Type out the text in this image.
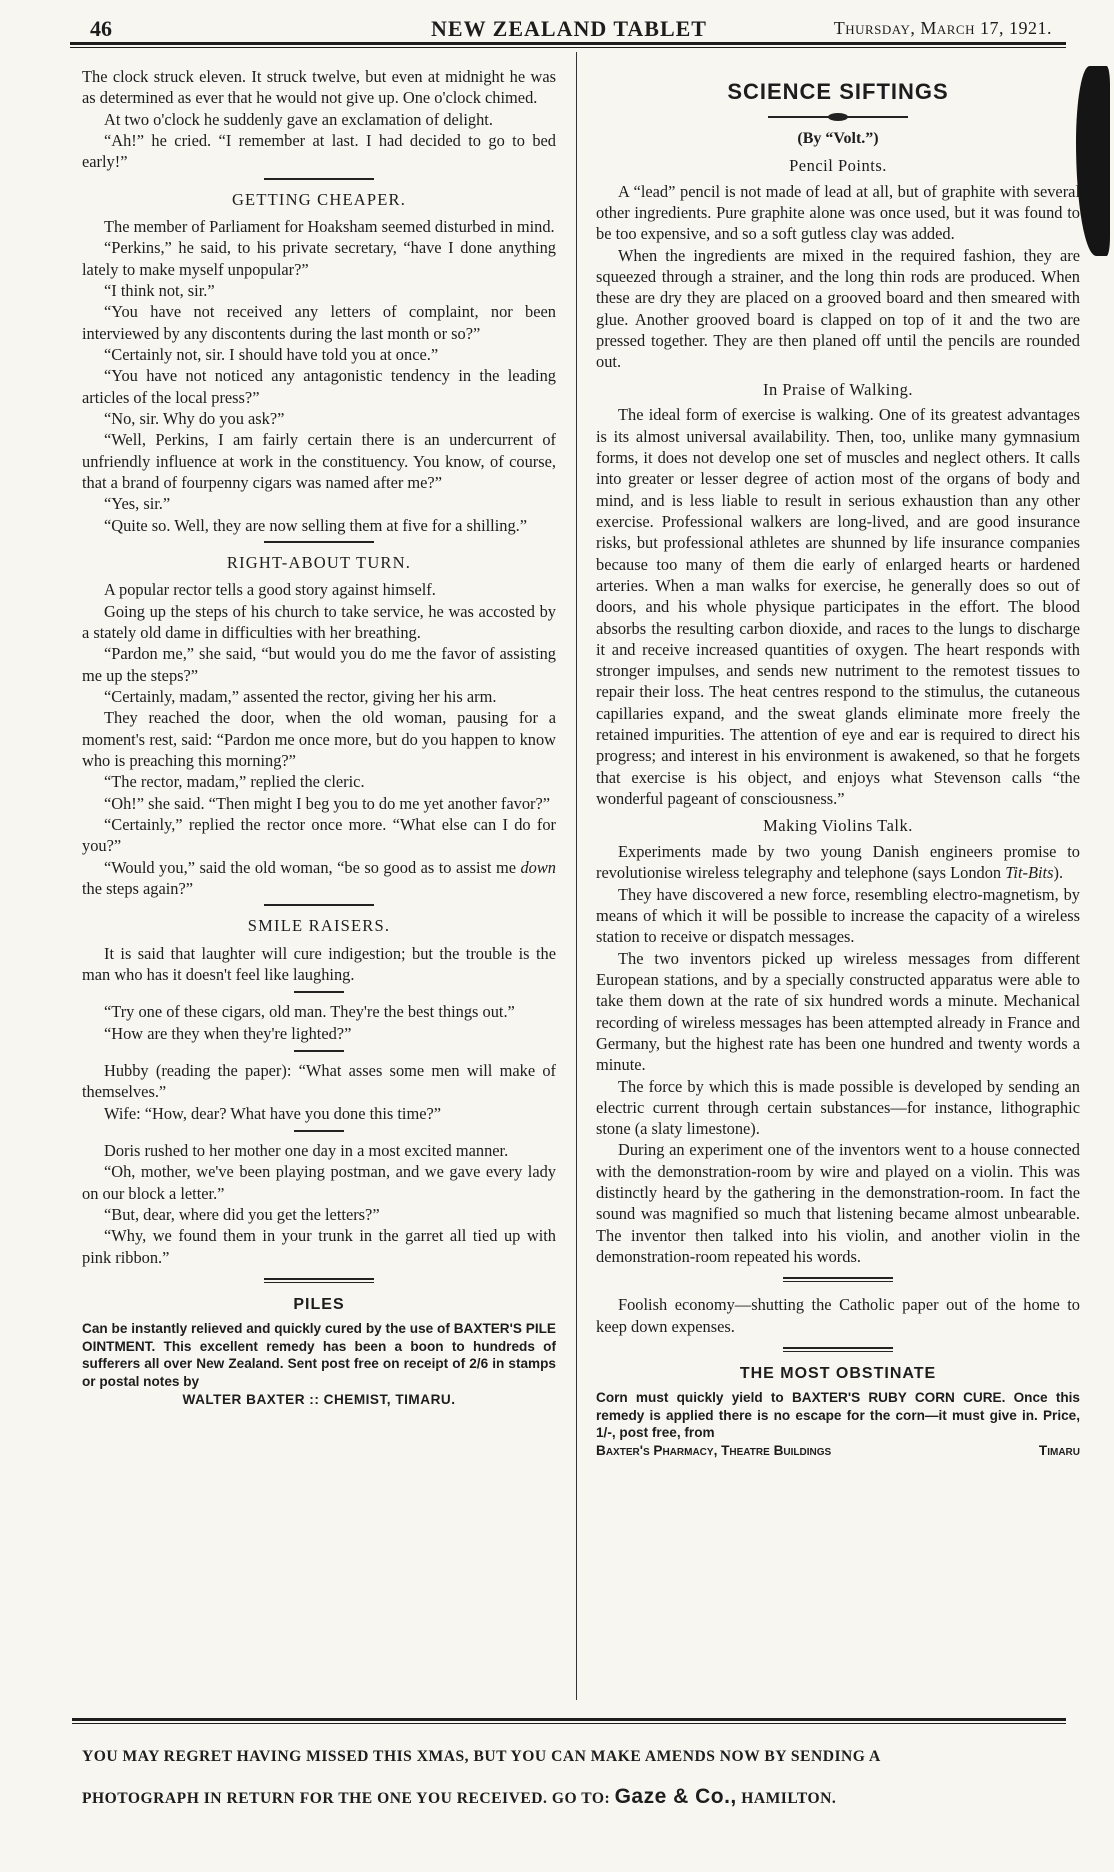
46	NEW ZEALAND TABLET	Thursday, March 17, 1921.

The clock struck eleven. It struck twelve, but even at midnight he was as determined as ever that he would not give up. One o'clock chimed.

At two o'clock he suddenly gave an exclamation of delight.

“Ah!” he cried. “I remember at last. I had decided to go to bed early!”

GETTING CHEAPER.

The member of Parliament for Hoaksham seemed disturbed in mind.

“Perkins,” he said, to his private secretary, “have I done anything lately to make myself unpopular?”

“I think not, sir.”

“You have not received any letters of complaint, nor been interviewed by any discontents during the last month or so?”

“Certainly not, sir. I should have told you at once.”

“You have not noticed any antagonistic tendency in the leading articles of the local press?”

“No, sir. Why do you ask?”

“Well, Perkins, I am fairly certain there is an undercurrent of unfriendly influence at work in the constituency. You know, of course, that a brand of fourpenny cigars was named after me?”

“Yes, sir.”

“Quite so. Well, they are now selling them at five for a shilling.”

RIGHT-ABOUT TURN.

A popular rector tells a good story against himself.

Going up the steps of his church to take service, he was accosted by a stately old dame in difficulties with her breathing.

“Pardon me,” she said, “but would you do me the favor of assisting me up the steps?”

“Certainly, madam,” assented the rector, giving her his arm.

They reached the door, when the old woman, pausing for a moment's rest, said: “Pardon me once more, but do you happen to know who is preaching this morning?”

“The rector, madam,” replied the cleric.

“Oh!” she said. “Then might I beg you to do me yet another favor?”

“Certainly,” replied the rector once more. “What else can I do for you?”

“Would you,” said the old woman, “be so good as to assist me down the steps again?”

SMILE RAISERS.

It is said that laughter will cure indigestion; but the trouble is the man who has it doesn't feel like laughing.

“Try one of these cigars, old man. They're the best things out.”

“How are they when they're lighted?”

Hubby (reading the paper): “What asses some men will make of themselves.”

Wife: “How, dear? What have you done this time?”

Doris rushed to her mother one day in a most excited manner.

“Oh, mother, we've been playing postman, and we gave every lady on our block a letter.”

“But, dear, where did you get the letters?”

“Why, we found them in your trunk in the garret all tied up with pink ribbon.”

PILES

Can be instantly relieved and quickly cured by the use of BAXTER'S PILE OINTMENT. This excellent remedy has been a boon to hundreds of sufferers all over New Zealand. Sent post free on receipt of 2/6 in stamps or postal notes by

WALTER BAXTER :: CHEMIST, TIMARU.
SCIENCE SIFTINGS
(By “Volt.”)
Pencil Points.

A “lead” pencil is not made of lead at all, but of graphite with several other ingredients. Pure graphite alone was once used, but it was found to be too expensive, and so a soft gutless clay was added.

When the ingredients are mixed in the required fashion, they are squeezed through a strainer, and the long thin rods are produced. When these are dry they are placed on a grooved board and then smeared with glue. Another grooved board is clapped on top of it and the two are pressed together. They are then planed off until the pencils are rounded out.

In Praise of Walking.

The ideal form of exercise is walking. One of its greatest advantages is its almost universal availability. Then, too, unlike many gymnasium forms, it does not develop one set of muscles and neglect others. It calls into greater or lesser degree of action most of the organs of body and mind, and is less liable to result in serious exhaustion than any other exercise. Professional walkers are long-lived, and are good insurance risks, but professional athletes are shunned by life insurance companies because too many of them die early of enlarged hearts or hardened arteries. When a man walks for exercise, he generally does so out of doors, and his whole physique participates in the effort. The blood absorbs the resulting carbon dioxide, and races to the lungs to discharge it and receive increased quantities of oxygen. The heart responds with stronger impulses, and sends new nutriment to the remotest tissues to repair their loss. The heat centres respond to the stimulus, the cutaneous capillaries expand, and the sweat glands eliminate more freely the retained impurities. The attention of eye and ear is required to direct his progress; and interest in his environment is awakened, so that he forgets that exercise is his object, and enjoys what Stevenson calls “the wonderful pageant of consciousness.”

Making Violins Talk.

Experiments made by two young Danish engineers promise to revolutionise wireless telegraphy and telephone (says London Tit-Bits).

They have discovered a new force, resembling electro-magnetism, by means of which it will be possible to increase the capacity of a wireless station to receive or dispatch messages.

The two inventors picked up wireless messages from different European stations, and by a specially constructed apparatus were able to take them down at the rate of six hundred words a minute. Mechanical recording of wireless messages has been attempted already in France and Germany, but the highest rate has been one hundred and twenty words a minute.

The force by which this is made possible is developed by sending an electric current through certain substances—for instance, lithographic stone (a slaty limestone).

During an experiment one of the inventors went to a house connected with the demonstration-room by wire and played on a violin. This was distinctly heard by the gathering in the demonstration-room. In fact the sound was magnified so much that listening became almost unbearable. The inventor then talked into his violin, and another violin in the demonstration-room repeated his words.

Foolish economy—shutting the Catholic paper out of the home to keep down expenses.

THE MOST OBSTINATE

Corn must quickly yield to BAXTER'S RUBY CORN CURE. Once this remedy is applied there is no escape for the corn—it must give in. Price, 1/-, post free, from

Baxter's Pharmacy, Theatre Buildings	Timaru
YOU MAY REGRET HAVING MISSED THIS XMAS, BUT YOU CAN MAKE AMENDS NOW BY SENDING A
PHOTOGRAPH IN RETURN FOR THE ONE YOU RECEIVED. GO TO: Gaze & Co., HAMILTON.
